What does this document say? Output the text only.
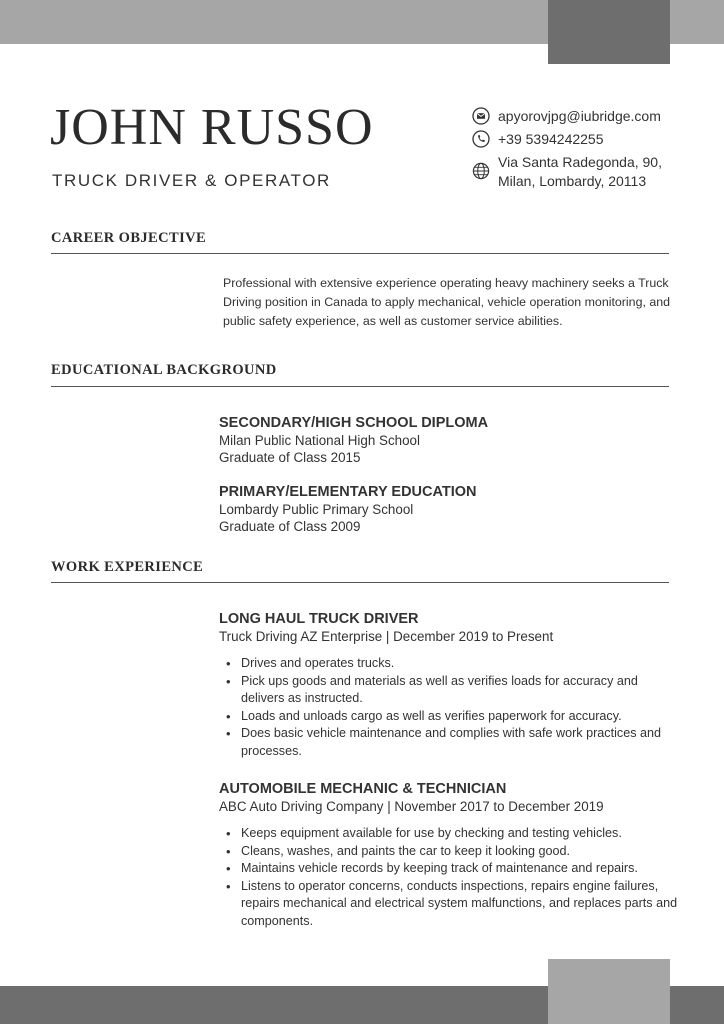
JOHN RUSSO
TRUCK DRIVER & OPERATOR
apyorovjpg@iubridge.com
+39 5394242255
Via Santa Radegonda, 90,
Milan, Lombardy, 20113
CAREER OBJECTIVE

Professional with extensive experience operating heavy machinery seeks a Truck Driving position in Canada to apply mechanical, vehicle operation monitoring, and public safety experience, as well as customer service abilities.

EDUCATIONAL BACKGROUND

SECONDARY/HIGH SCHOOL DIPLOMA

Milan Public National High School

Graduate of Class 2015

PRIMARY/ELEMENTARY EDUCATION

Lombardy Public Primary School

Graduate of Class 2009

WORK EXPERIENCE

LONG HAUL TRUCK DRIVER

Truck Driving AZ Enterprise | December 2019 to Present

• Drives and operates trucks.
• Pick ups goods and materials as well as verifies loads for accuracy and delivers as instructed.
• Loads and unloads cargo as well as verifies paperwork for accuracy.
• Does basic vehicle maintenance and complies with safe work practices and processes.

AUTOMOBILE MECHANIC & TECHNICIAN

ABC Auto Driving Company | November 2017 to December 2019

• Keeps equipment available for use by checking and testing vehicles.
• Cleans, washes, and paints the car to keep it looking good.
• Maintains vehicle records by keeping track of maintenance and repairs.
• Listens to operator concerns, conducts inspections, repairs engine failures, repairs mechanical and electrical system malfunctions, and replaces parts and components.
